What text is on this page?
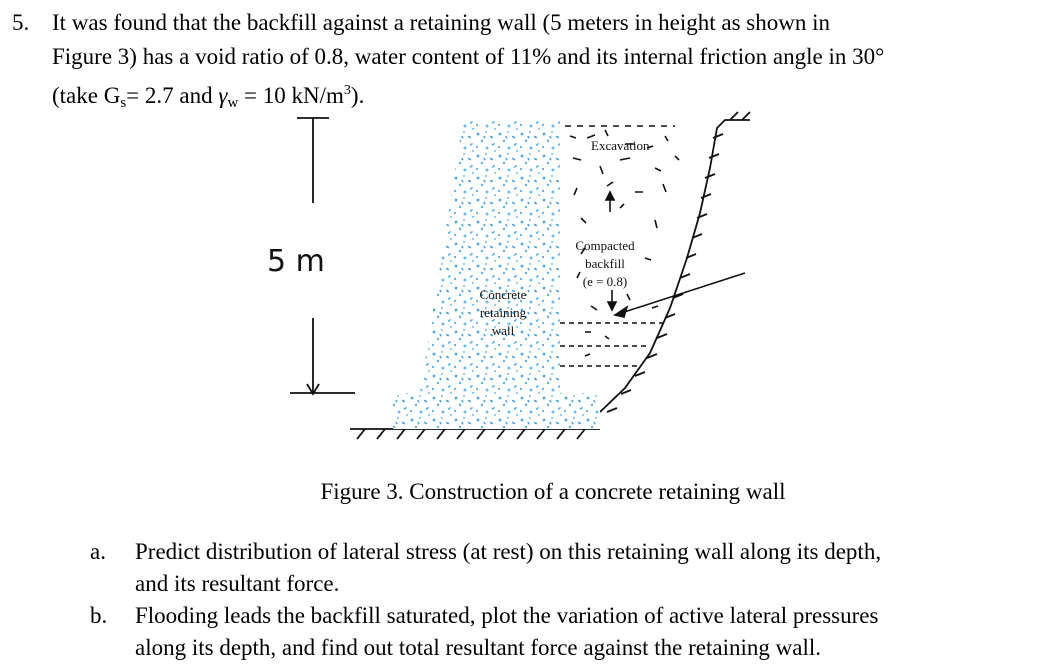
5. It was found that the backfill against a retaining wall (5 meters in height as shown in
Figure 3) has a void ratio of 0.8, water content of 11% and its internal friction angle in 30°
(take $G_s= 2.7$ and $\gamma_w = 10$ $kN/m^3$).
5 m
Excavation
Compacted
backfill
(e = 0.8)
Concrete
retaining
wall
Figure 3. Construction of a concrete retaining wall
a. Predict distribution of lateral stress (at rest) on this retaining wall along its depth,
and its resultant force.
b. Flooding leads the backfill saturated, plot the variation of active lateral pressures
along its depth, and find out total resultant force against the retaining wall.
